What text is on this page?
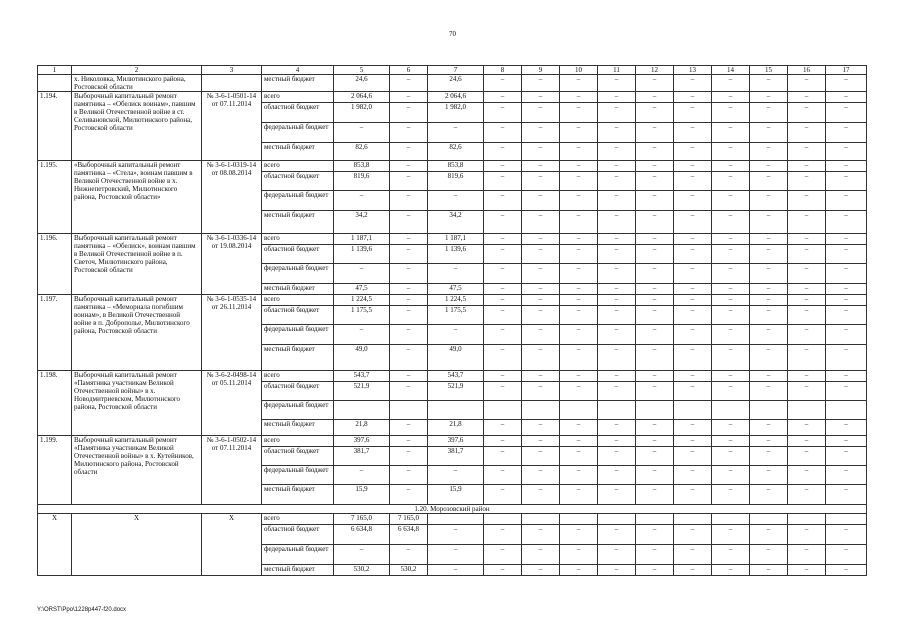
70
1	2	3	4	5	6	7	8	9	10	11	12	13	14	15	16	17
	х. Николовка, Милютинского района, Ростовской области		местный бюджет	24,6	–	24,6	–	–	–	–	–	–	–	–	–	–
1.194.	Выборочный капитальный ремонт памятника – «Обелиск воинам», павшим в Великой Отечественной войне в ст. Селивановской, Милютинского района, Ростовской области	№ 3-6-1-0501-14 от 07.11.2014	всего	2 064,6	–	2 064,6	–	–	–	–	–	–	–	–	–	–
			областной бюджет	1 982,0	–	1 982,0	–	–	–	–	–	–	–	–	–	–
			федеральный бюджет	–	–	–	–	–	–	–	–	–	–	–	–	–
			местный бюджет	82,6	–	82,6	–	–	–	–	–	–	–	–	–	–
1.195.	«Выборочный капитальный ремонт памятника – «Стела», воинам павшим в Великой Отечественной войне в х. Нижнепетровский, Милютинского района, Ростовской области»	№ 3-6-1-0319-14 от 08.08.2014	всего	853,8	–	853,8	–	–	–	–	–	–	–	–	–	–
			областной бюджет	819,6	–	819,6	–	–	–	–	–	–	–	–	–	–
			федеральный бюджет	–	–	–	–	–	–	–	–	–	–	–	–	–
			местный бюджет	34,2	–	34,2	–	–	–	–	–	–	–	–	–	–
1.196.	Выборочный капитальный ремонт памятника – «Обелиск», воинам павшим в Великой Отечественной войне в п. Светоч, Милютинского района, Ростовской области	№ 3-6-1-0336-14 от 19.08.2014	всего	1 187,1	–	1 187,1	–	–	–	–	–	–	–	–	–	–
			областной бюджет	1 139,6	–	1 139,6	–	–	–	–	–	–	–	–	–	–
			федеральный бюджет	–	–	–	–	–	–	–	–	–	–	–	–	–
			местный бюджет	47,5	–	47,5	–	–	–	–	–	–	–	–	–	–
1.197.	Выборочный капитальный ремонт памятника – «Мемориала погибшим воинам», в Великой Отечественной войне в п. Доброполье, Милютинского района, Ростовской области	№ 3-6-1-0535-14 от 26.11.2014	всего	1 224,5	–	1 224,5	–	–	–	–	–	–	–	–	–	–
			областной бюджет	1 175,5	–	1 175,5	–	–	–	–	–	–	–	–	–	–
			федеральный бюджет	–	–	–	–	–	–	–	–	–	–	–	–	–
			местный бюджет	49,0	–	49,0	–	–	–	–	–	–	–	–	–	–
1.198.	Выборочный капитальный ремонт «Памятника участникам Великой Отечественной войны» в х. Новодмитриевском, Милютинского района, Ростовской области	№ 3-6-2-0498-14 от 05.11.2014	всего	543,7	–	543,7	–	–	–	–	–	–	–	–	–	–
			областной бюджет	521,9	–	521,9	–	–	–	–	–	–	–	–	–	–
			федеральный бюджет													
			местный бюджет	21,8	–	21,8	–	–	–	–	–	–	–	–	–	–
1.199.	Выборочный капитальный ремонт «Памятника участникам Великой Отечественной войны» в х. Кутейников, Милютинского района, Ростовской области	№ 3-6-1-0502-14 от 07.11.2014	всего	397,6	–	397,6	–	–	–	–	–	–	–	–	–	–
			областной бюджет	381,7	–	381,7	–	–	–	–	–	–	–	–	–	–
			федеральный бюджет	–	–	–	–	–	–	–	–	–	–	–	–	–
			местный бюджет	15,9	–	15,9	–	–	–	–	–	–	–	–	–	–
1.20. Морозовский район																
Х	Х	Х	всего	7 165,0	7 165,0											
			областной бюджет	6 634,8	6 634,8	–	–	–	–	–	–	–	–	–	–	–
			федеральный бюджет	–	–	–	–	–	–	–	–	–	–	–	–	–
			местный бюджет	530,2	530,2	–	–	–	–	–	–	–	–	–	–	–
Y:\ORST\Ppo\1228p447-f20.docx
